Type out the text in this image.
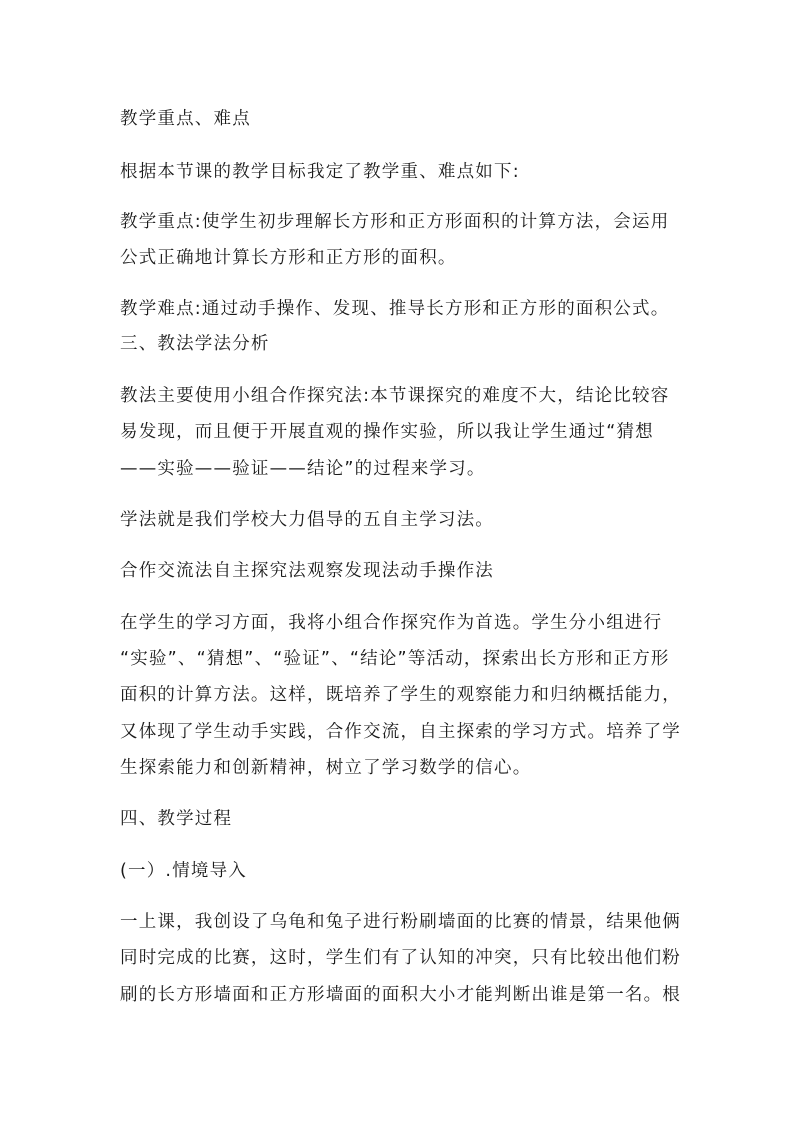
教学重点、难点
根据本节课的教学目标我定了教学重、难点如下:
教学重点:使学生初步理解长方形和正方形面积的计算方法，会运用
公式正确地计算长方形和正方形的面积。
教学难点:通过动手操作、发现、推导长方形和正方形的面积公式。
三、教法学法分析
教法主要使用小组合作探究法:本节课探究的难度不大，结论比较容
易发现，而且便于开展直观的操作实验，所以我让学生通过“猜想
——实验——验证——结论”的过程来学习。
学法就是我们学校大力倡导的五自主学习法。
合作交流法自主探究法观察发现法动手操作法
在学生的学习方面，我将小组合作探究作为首选。学生分小组进行
“实验”、“猜想”、“验证”、“结论”等活动，探索出长方形和正方形
面积的计算方法。这样，既培养了学生的观察能力和归纳概括能力，
又体现了学生动手实践，合作交流，自主探索的学习方式。培养了学
生探索能力和创新精神，树立了学习数学的信心。
四、教学过程
(一）.情境导入
一上课，我创设了乌龟和兔子进行粉刷墙面的比赛的情景，结果他俩
同时完成的比赛，这时，学生们有了认知的冲突，只有比较出他们粉
刷的长方形墙面和正方形墙面的面积大小才能判断出谁是第一名。根
